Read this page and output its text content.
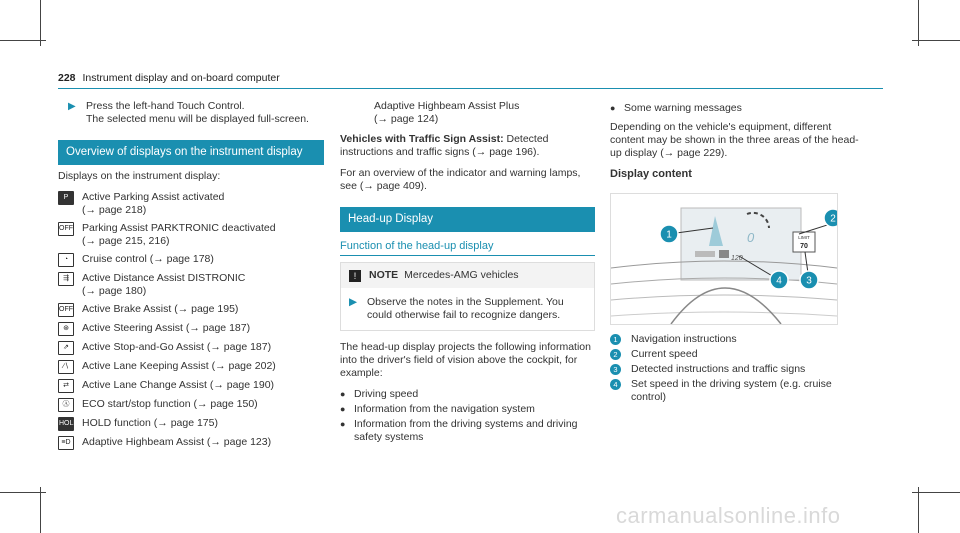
228 Instrument display and on-board computer
▶ Press the left-hand Touch Control.
The selected menu will be displayed full-screen.
Overview of displays on the instrument display

Displays on the instrument display:

P	Active Parking Assist activated
(→ page 218)
OFF Parking Assist PARKTRONIC deactivated
(→ page 215, 216)
◔	Cruise control (→ page 178)
⇶	Active Distance Assist DISTRONIC
(→ page 180)
OFF Active Brake Assist (→ page 195)
⊛	Active Steering Assist (→ page 187)
⇗	Active Stop-and-Go Assist (→ page 187)
∕∖	Active Lane Keeping Assist (→ page 202)
⇄	Active Lane Change Assist (→ page 190)
Ⓐ	ECO start/stop function (→ page 150)
HOLD HOLD function (→ page 175)
≡D	Adaptive Highbeam Assist (→ page 123)
Adaptive Highbeam Assist Plus
(→ page 124)

Vehicles with Traffic Sign Assist: Detected instructions and traffic signs (→ page 196).

For an overview of the indicator and warning lamps, see (→ page 409).

Head-up Display
Function of the head-up display
!	NOTE Mercedes-AMG vehicles
▶ Observe the notes in the Supplement. You could otherwise fail to recognize dangers.

The head-up display projects the following information into the driver's field of vision above the cockpit, for example:

● Driving speed
● Information from the navigation system
● Information from the driving systems and driving safety systems
● Some warning messages

Depending on the vehicle's equipment, different content may be shown in the three areas of the head-up display (→ page 229).

Display content
0
120
LIMIT
70
1
2
4 3
1	Navigation instructions
2	Current speed
3	Detected instructions and traffic signs
4	Set speed in the driving system (e.g. cruise control)
carmanualsonline.info
